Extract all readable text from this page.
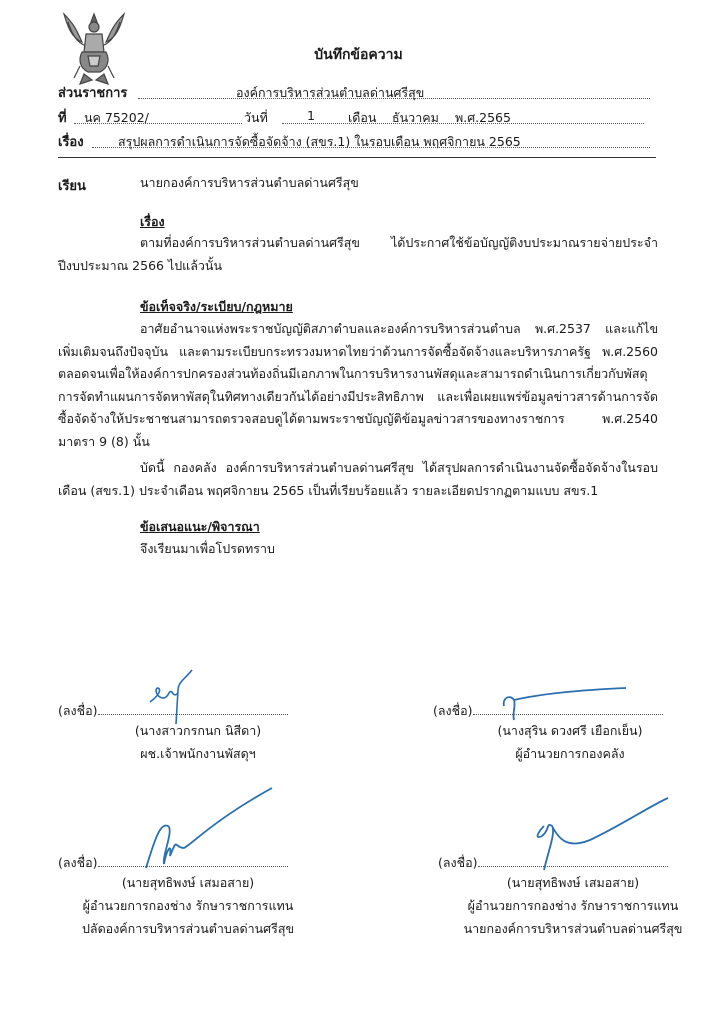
บันทึกข้อความ
ส่วนราชการ	องค์การบริหารส่วนตำบลด่านศรีสุข
ที่ นค 75202/	วันที่	1	เดือน ธันวาคม พ.ศ.2565
เรื่อง	สรุปผลการดำเนินการจัดซื้อจัดจ้าง (สขร.1) ในรอบเดือน พฤศจิกายน 2565
เรียน	นายกองค์การบริหารส่วนตำบลด่านศรีสุข
เรื่อง
ตามที่องค์การบริหารส่วนตำบลด่านศรีสุข ได้ประกาศใช้ข้อบัญญัติงบประมาณรายจ่ายประจำปีงบประมาณ 2566 ไปแล้วนั้น
ข้อเท็จจริง/ระเบียบ/กฎหมาย
อาศัยอำนาจแห่งพระราชบัญญัติสภาตำบลและองค์การบริหารส่วนตำบล พ.ศ.2537 และแก้ไขเพิ่มเติมจนถึงปัจจุบัน และตามระเบียบกระทรวงมหาดไทยว่าด้วนการจัดซื้อจัดจ้างและบริหารภาครัฐ พ.ศ.2560 ตลอดจนเพื่อให้องค์การปกครองส่วนท้องถิ่นมีเอกภาพในการบริหารงานพัสดุและสามารถดำเนินการเกี่ยวกับพัสดุ การจัดทำแผนการจัดหาพัสดุในทิศทางเดียวกันได้อย่างมีประสิทธิภาพ และเพื่อเผยแพร่ข้อมูลข่าวสารด้านการจัดซื้อจัดจ้างให้ประชาชนสามารถตรวจสอบดูได้ตามพระราชบัญญัติข้อมูลข่าวสารของทางราชการ พ.ศ.2540 มาตรา 9 (8) นั้น
บัดนี้ กองคลัง องค์การบริหารส่วนตำบลด่านศรีสุข ได้สรุปผลการดำเนินงานจัดซื้อจัดจ้างในรอบเดือน (สขร.1) ประจำเดือน พฤศจิกายน 2565 เป็นที่เรียบร้อยแล้ว รายละเอียดปรากฏตามแบบ สขร.1
ข้อเสนอแนะ/พิจารณา
จึงเรียนมาเพื่อโปรดทราบ
(ลงชื่อ)
(นางสาวกรกนก นิสีดา)
ผช.เจ้าพนักงานพัสดุฯ
(ลงชื่อ)
(นางสุริน ดวงศรี เยือกเย็น)
ผู้อำนวยการกองคลัง
(ลงชื่อ)
(นายสุทธิพงษ์ เสมอสาย)
ผู้อำนวยการกองช่าง รักษาราชการแทน
ปลัดองค์การบริหารส่วนตำบลด่านศรีสุข
(ลงชื่อ)
(นายสุทธิพงษ์ เสมอสาย)
ผู้อำนวยการกองช่าง รักษาราชการแทน
นายกองค์การบริหารส่วนตำบลด่านศรีสุข
